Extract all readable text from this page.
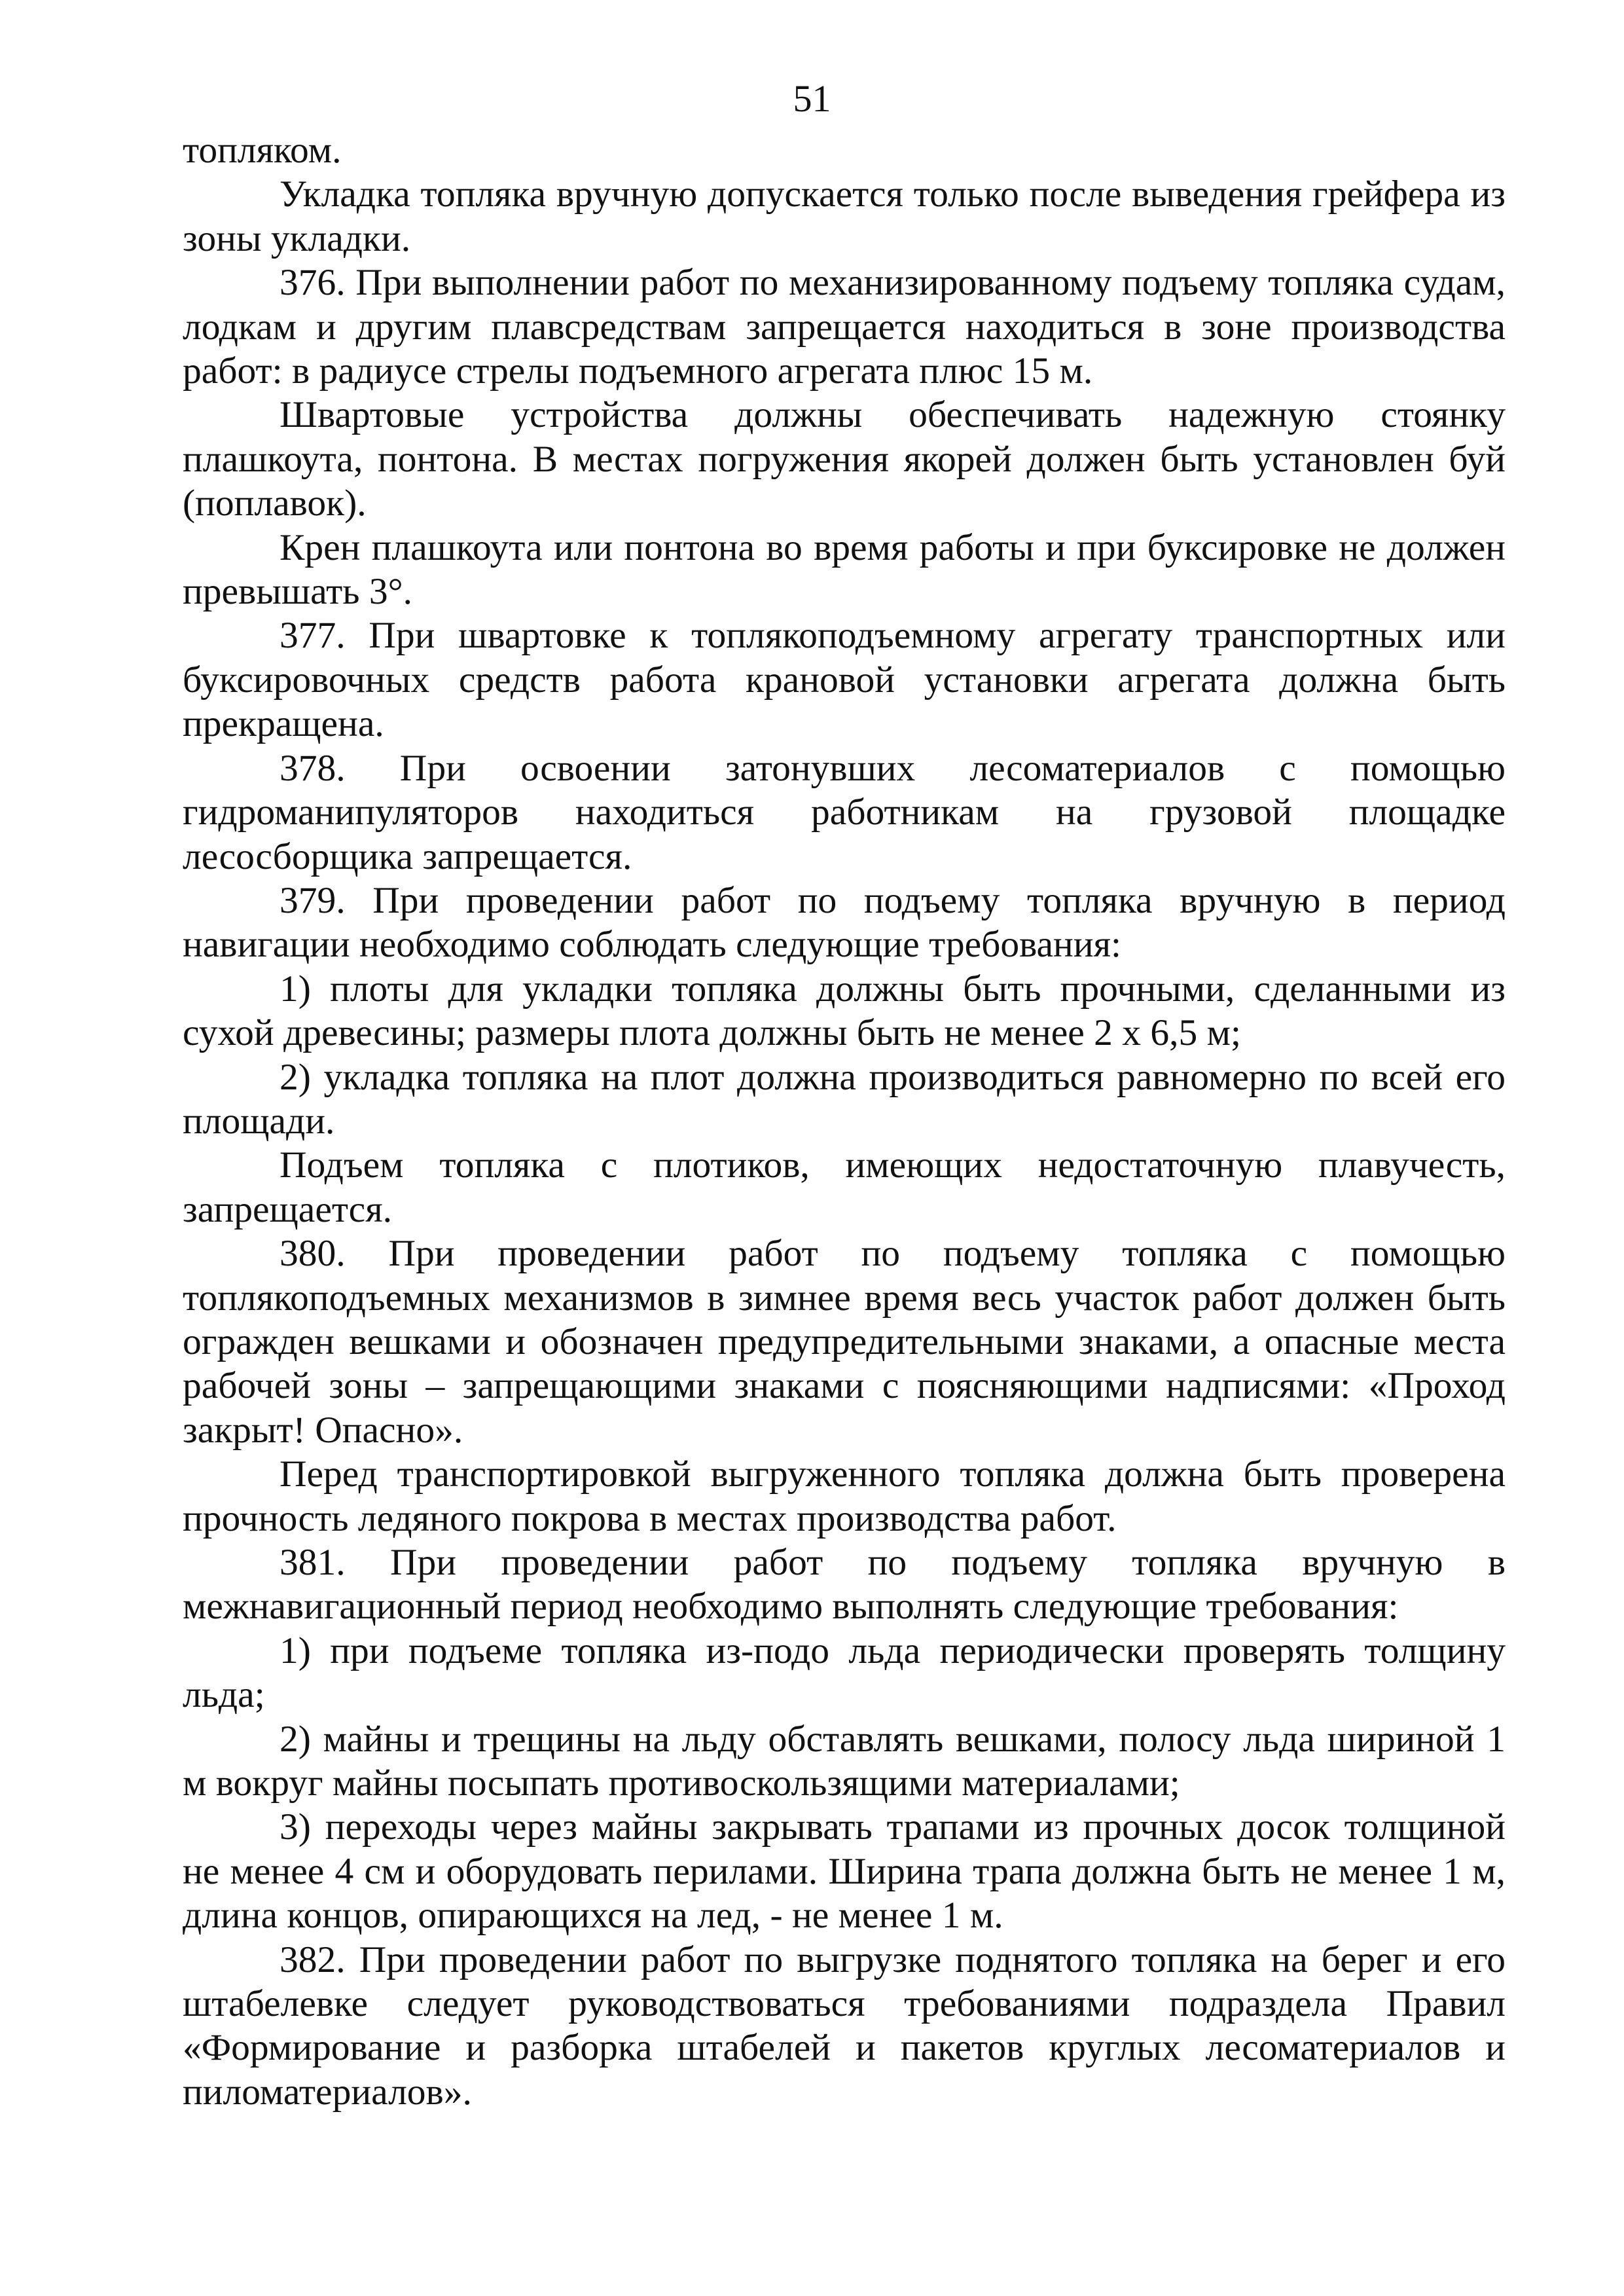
51

топляком.

Укладка топляка вручную допускается только после выведения грейфера из зоны укладки.

376. При выполнении работ по механизированному подъему топляка судам, лодкам и другим плавсредствам запрещается находиться в зоне производства работ: в радиусе стрелы подъемного агрегата плюс 15 м.

Швартовые устройства должны обеспечивать надежную стоянку плашкоута, понтона. В местах погружения якорей должен быть установлен буй (поплавок).

Крен плашкоута или понтона во время работы и при буксировке не должен превышать 3°.

377. При швартовке к топлякоподъемному агрегату транспортных или буксировочных средств работа крановой установки агрегата должна быть прекращена.

378. При освоении затонувших лесоматериалов с помощью гидроманипуляторов находиться работникам на грузовой площадке лесосборщика запрещается.

379. При проведении работ по подъему топляка вручную в период навигации необходимо соблюдать следующие требования:

1) плоты для укладки топляка должны быть прочными, сделанными из сухой древесины; размеры плота должны быть не менее 2 х 6,5 м;

2) укладка топляка на плот должна производиться равномерно по всей его площади.

Подъем топляка с плотиков, имеющих недостаточную плавучесть, запрещается.

380. При проведении работ по подъему топляка с помощью топлякоподъемных механизмов в зимнее время весь участок работ должен быть огражден вешками и обозначен предупредительными знаками, а опасные места рабочей зоны – запрещающими знаками с поясняющими надписями: «Проход закрыт! Опасно».

Перед транспортировкой выгруженного топляка должна быть проверена прочность ледяного покрова в местах производства работ.

381. При проведении работ по подъему топляка вручную в межнавигационный период необходимо выполнять следующие требования:

1) при подъеме топляка из-подо льда периодически проверять толщину льда;

2) майны и трещины на льду обставлять вешками, полосу льда шириной 1 м вокруг майны посыпать противоскользящими материалами;

3) переходы через майны закрывать трапами из прочных досок толщиной не менее 4 см и оборудовать перилами. Ширина трапа должна быть не менее 1 м, длина концов, опирающихся на лед, - не менее 1 м.

382. При проведении работ по выгрузке поднятого топляка на берег и его штабелевке следует руководствоваться требованиями подраздела Правил «Формирование и разборка штабелей и пакетов круглых лесоматериалов и пиломатериалов».
